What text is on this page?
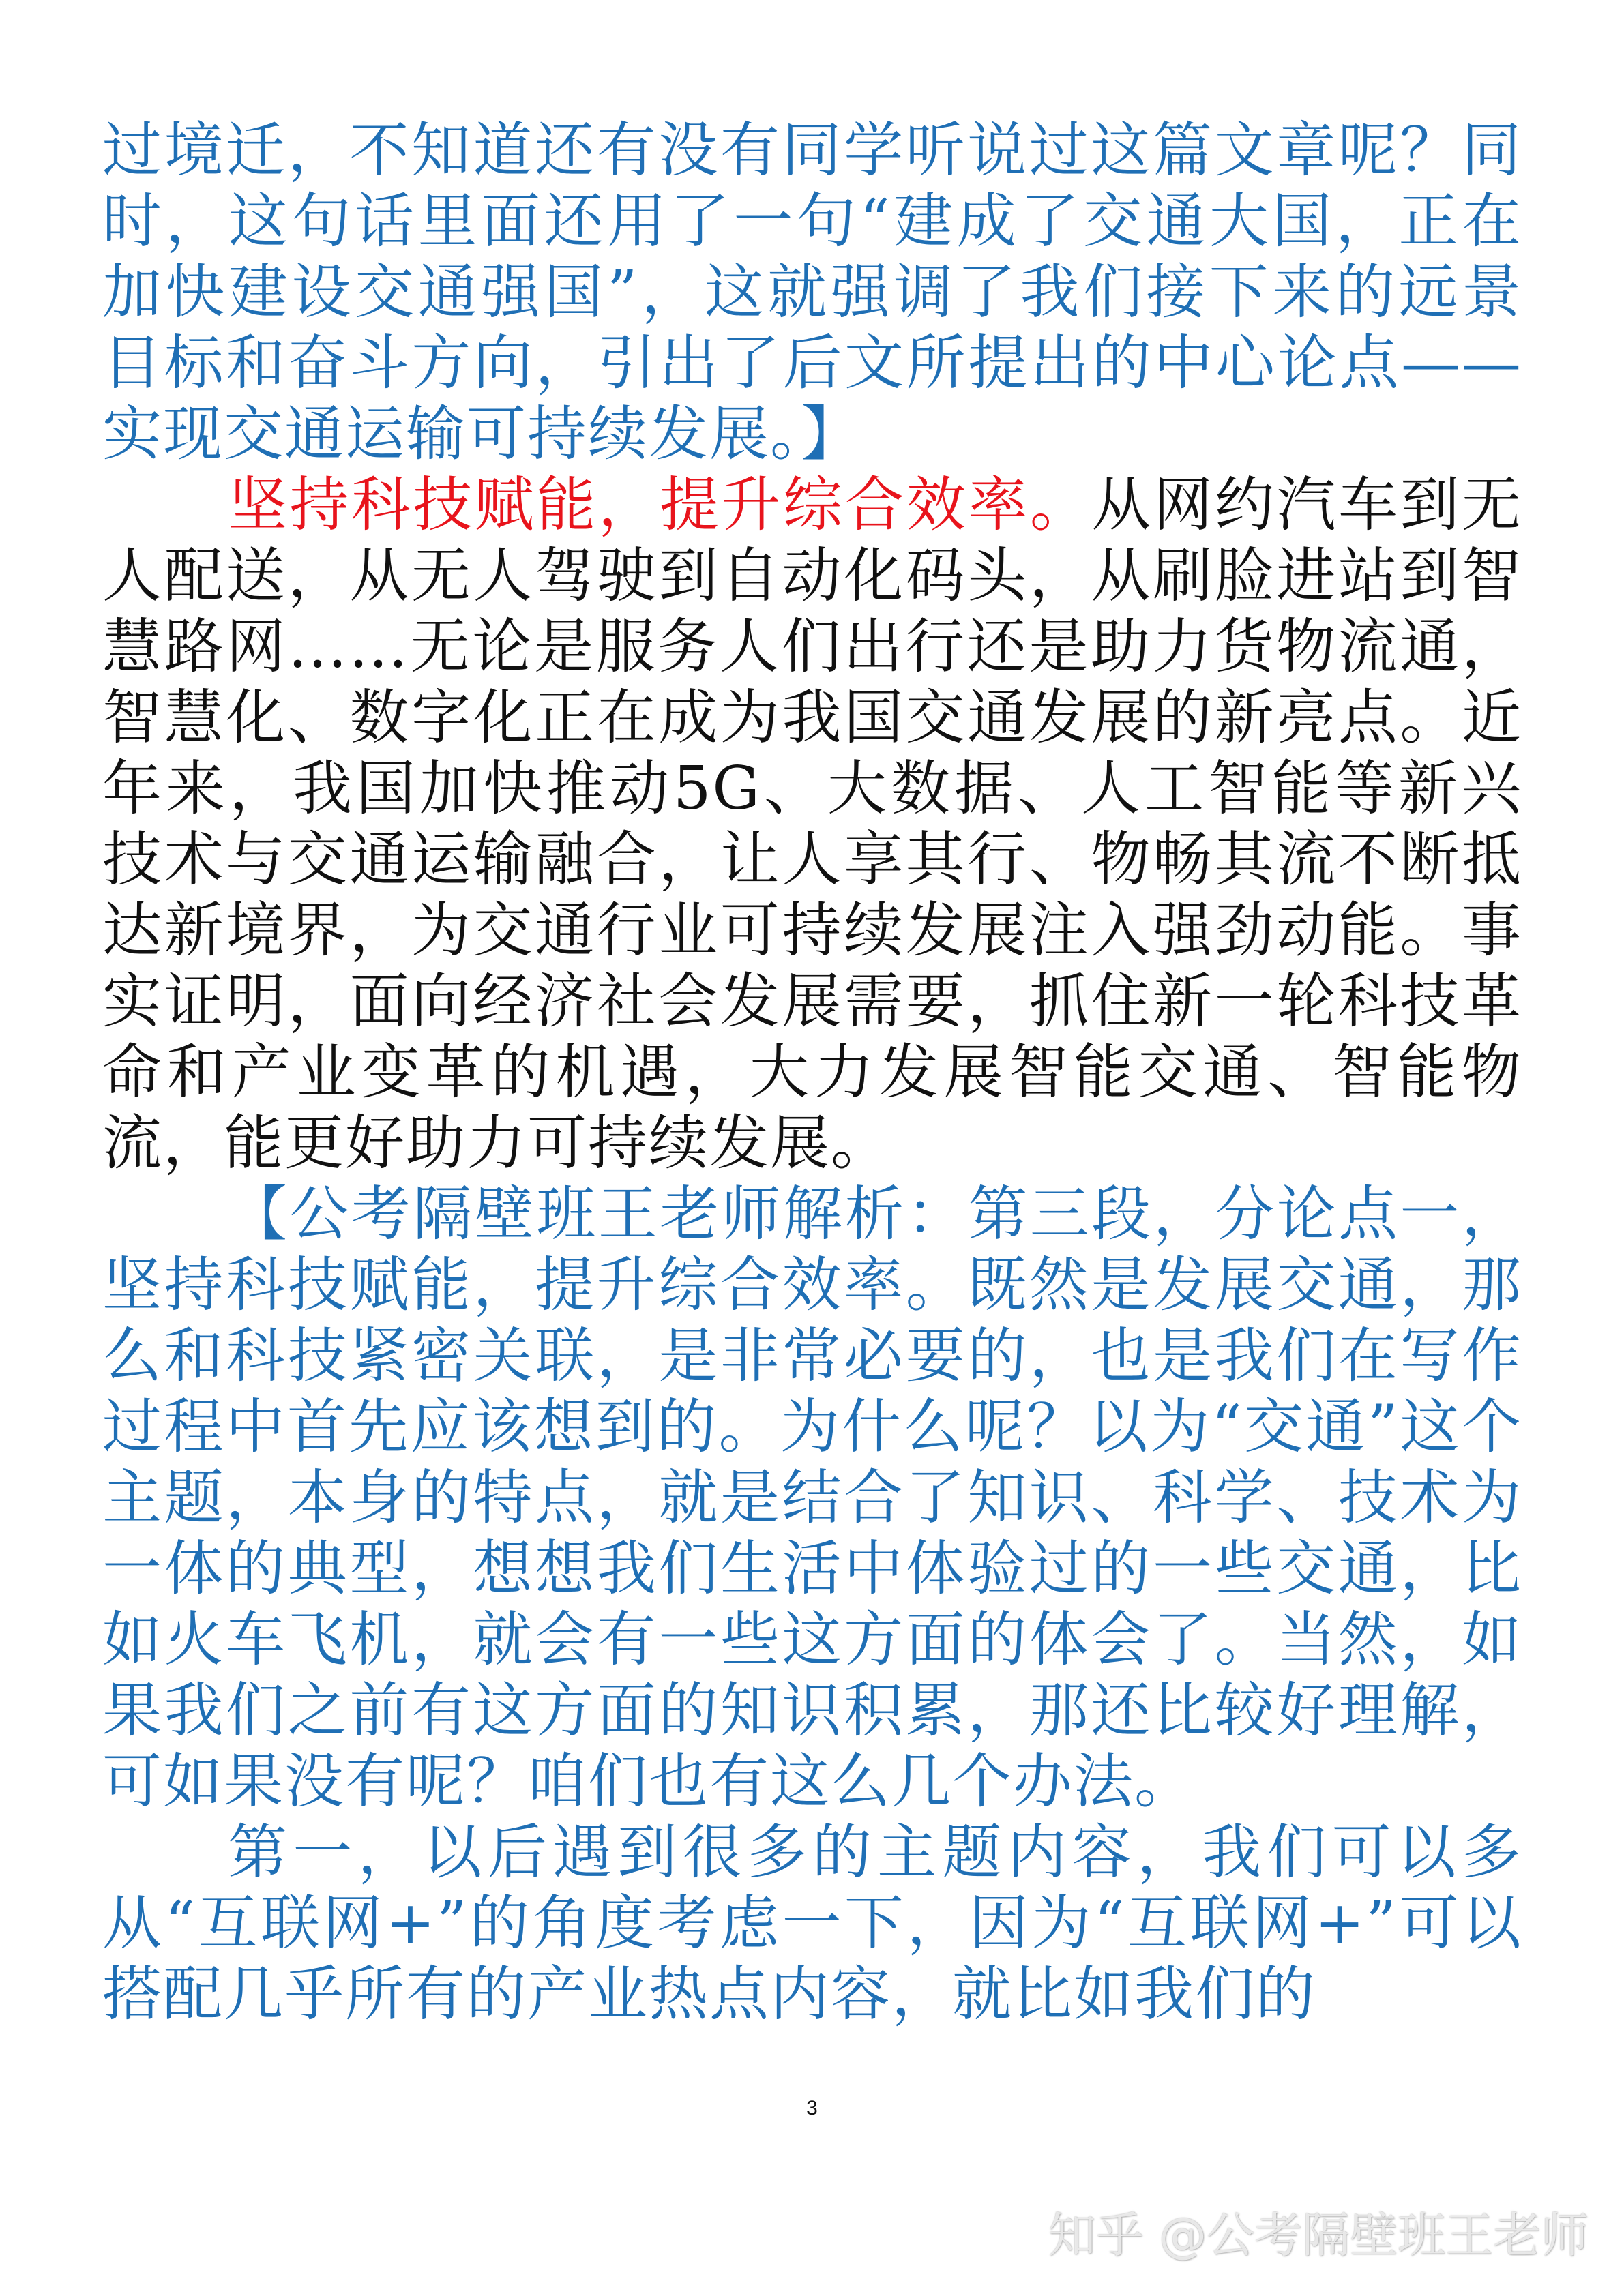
过境迁，不知道还有没有同学听说过这篇文章呢？同时，这句话里面还用了一句“建成了交通大国，正在加快建设交通强国”，这就强调了我们接下来的远景目标和奋斗方向，引出了后文所提出的中心论点——实现交通运输可持续发展。】

坚持科技赋能，提升综合效率。从网约汽车到无人配送，从无人驾驶到自动化码头，从刷脸进站到智慧路网……无论是服务人们出行还是助力货物流通，智慧化、数字化正在成为我国交通发展的新亮点。近年来，我国加快推动5G、大数据、人工智能等新兴技术与交通运输融合，让人享其行、物畅其流不断抵达新境界，为交通行业可持续发展注入强劲动能。事实证明，面向经济社会发展需要，抓住新一轮科技革命和产业变革的机遇，大力发展智能交通、智能物流，能更好助力可持续发展。

【公考隔壁班王老师解析：第三段，分论点一，坚持科技赋能，提升综合效率。既然是发展交通，那么和科技紧密关联，是非常必要的，也是我们在写作过程中首先应该想到的。为什么呢？以为“交通”这个主题，本身的特点，就是结合了知识、科学、技术为一体的典型，想想我们生活中体验过的一些交通，比如火车飞机，就会有一些这方面的体会了。当然，如果我们之前有这方面的知识积累，那还比较好理解，可如果没有呢？咱们也有这么几个办法。

第一，以后遇到很多的主题内容，我们可以多从“互联网+”的角度考虑一下，因为“互联网+”可以搭配几乎所有的产业热点内容，就比如我们的

3
知乎 @公考隔壁班王老师
